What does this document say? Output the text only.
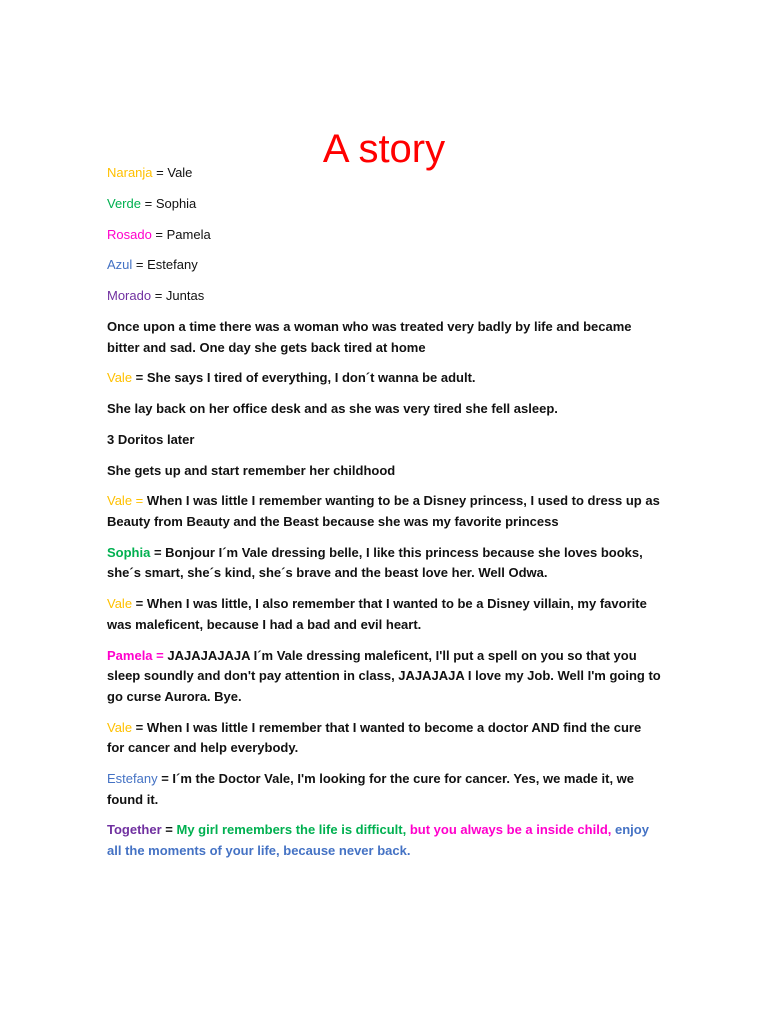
A story
Naranja = Vale
Verde = Sophia
Rosado = Pamela
Azul = Estefany
Morado = Juntas

Once upon a time there was a woman who was treated very badly by life and became bitter and sad. One day she gets back tired at home

Vale = She says I tired of everything, I don´t wanna be adult.

She lay back on her office desk and as she was very tired she fell asleep.

3 Doritos later

She gets up and start remember her childhood

Vale = When I was little I remember wanting to be a Disney princess, I used to dress up as Beauty from Beauty and the Beast because she was my favorite princess

Sophia = Bonjour I´m Vale dressing belle, I like this princess because she loves books, she´s smart, she´s kind, she´s brave and the beast love her. Well Odwa.

Vale = When I was little, I also remember that I wanted to be a Disney villain, my favorite was maleficent, because I had a bad and evil heart.

Pamela = JAJAJAJAJA I´m Vale dressing maleficent, I'll put a spell on you so that you sleep soundly and don't pay attention in class, JAJAJAJA I love my Job. Well I'm going to go curse Aurora. Bye.

Vale = When I was little I remember that I wanted to become a doctor AND find the cure for cancer and help everybody.

Estefany = I´m the Doctor Vale, I'm looking for the cure for cancer. Yes, we made it, we found it.

Together = My girl remembers the life is difficult, but you always be a inside child, enjoy all the moments of your life, because never back.
